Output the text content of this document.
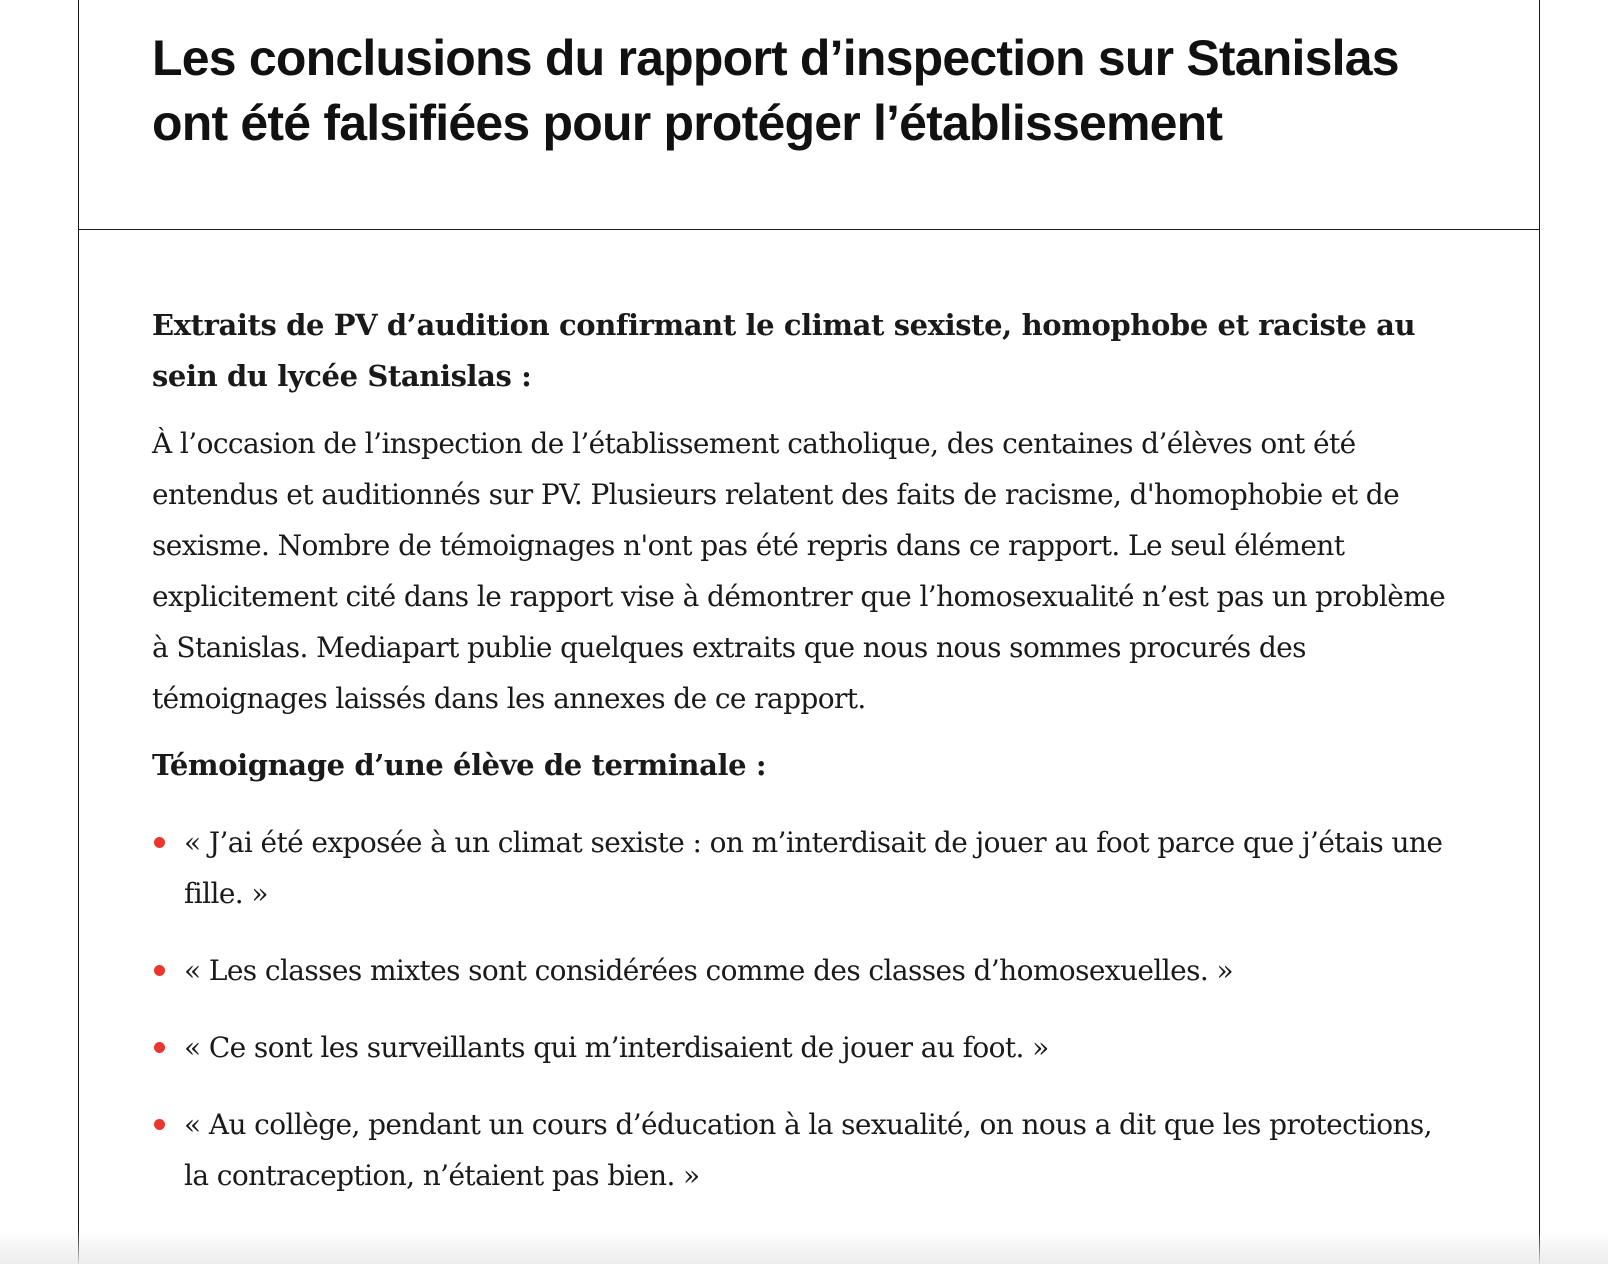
Les conclusions du rapport d’inspection sur Stanislas ont été falsifiées pour protéger l’établissement

Extraits de PV d’audition confirmant le climat sexiste, homophobe et raciste au sein du lycée Stanislas :

À l’occasion de l’inspection de l’établissement catholique, des centaines d’élèves ont été entendus et auditionnés sur PV. Plusieurs relatent des faits de racisme, d'homophobie et de sexisme. Nombre de témoignages n'ont pas été repris dans ce rapport. Le seul élément explicitement cité dans le rapport vise à démontrer que l’homosexualité n’est pas un problème à Stanislas. Mediapart publie quelques extraits que nous nous sommes procurés des témoignages laissés dans les annexes de ce rapport.

Témoignage d’une élève de terminale :

« J’ai été exposée à un climat sexiste : on m’interdisait de jouer au foot parce que j’étais une fille. »
« Les classes mixtes sont considérées comme des classes d’homosexuelles. »
« Ce sont les surveillants qui m’interdisaient de jouer au foot. »
« Au collège, pendant un cours d’éducation à la sexualité, on nous a dit que les protections, la contraception, n’étaient pas bien. »
